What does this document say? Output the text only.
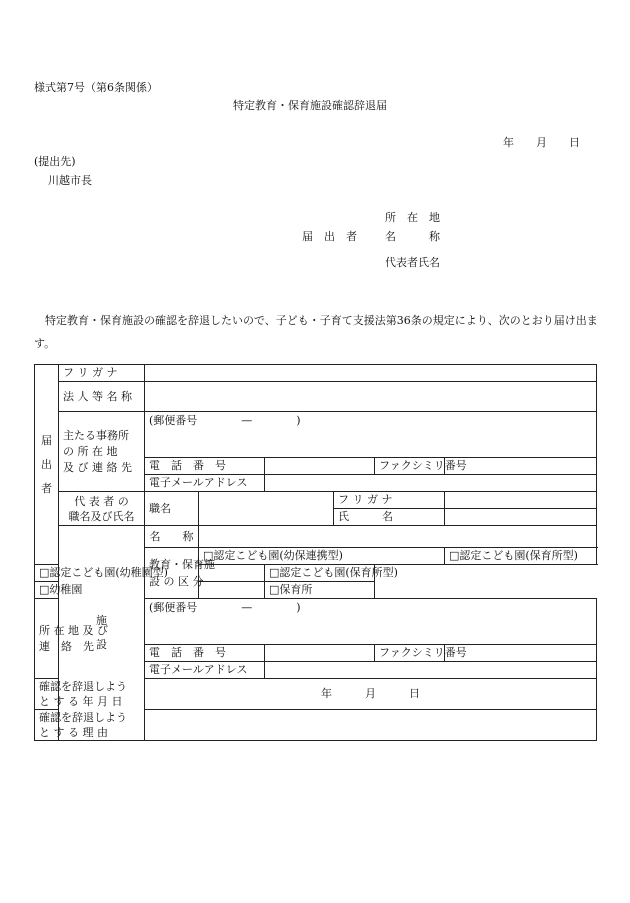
様式第7号（第6条関係）
特定教育・保育施設確認辞退届
年　　月　　日
(提出先)
川越市長
所　在　地
届　出　者	名　　　称
代表者氏名
特定教育・保育施設の確認を辞退したいので、子ども・子育て支援法第36条の規定により、次のとおり届け出ます。
届
出
者	フ リ ガ ナ						
	法 人 等 名 称						
	主たる事務所
の 所 在 地
及 び 連 絡 先	(郵便番号　　　　—　　　　)					
		電　話　番　号				ファクシミリ番号	
		電子メールアドレス					
	代 表 者 の
職名及び氏名	職名			フ リ ガ ナ		
					氏　　　名		
	施
設	名　　称					
		教育・保育施
設 の 区 分	□認定こども園(幼保連携型)				□認定こども園(保育所型)
□認定こども園(幼稚園型)				□認定こども園(保育所型)			
□幼稚園				□保育所			
所 在 地 及 び
連　絡　先		(郵便番号　　　　—　　　　)					
		電　話　番　号				ファクシミリ番号	
		電子メールアドレス					
確認を辞退しよう
と す る 年 月 日		年　　　月　　　日					
確認を辞退しよう
と す る 理 由							
